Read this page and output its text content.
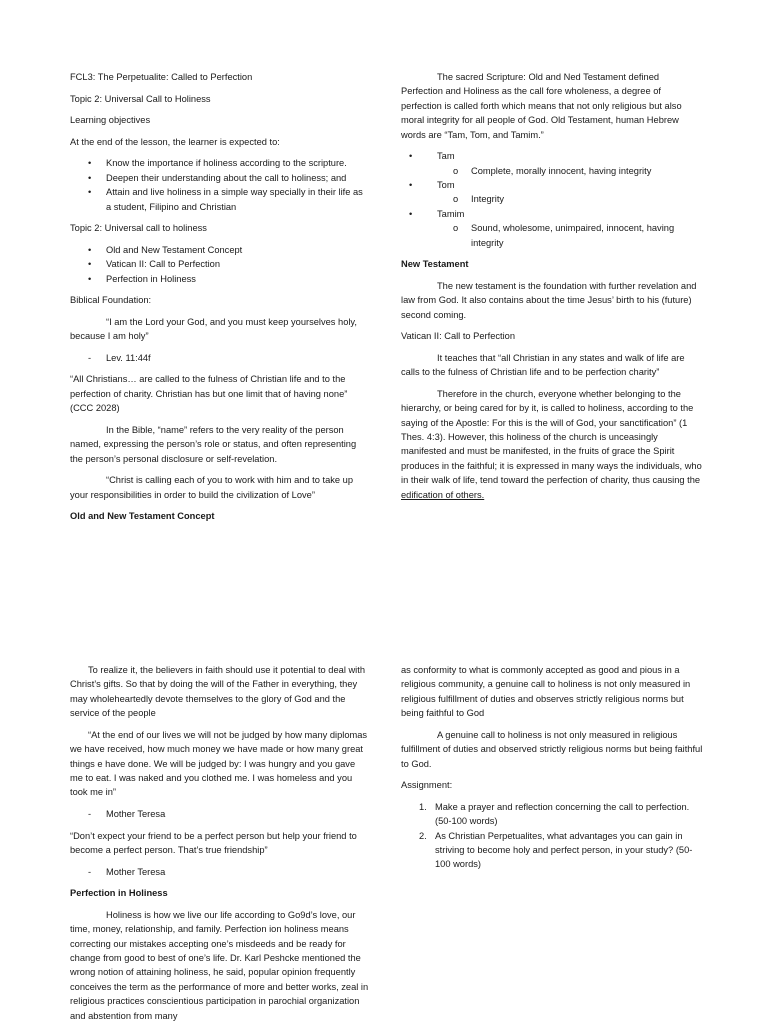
FCL3: The Perpetualite: Called to Perfection

Topic 2: Universal Call to Holiness

Learning objectives

At the end of the lesson, the learner is expected to:

• Know the importance if holiness according to the scripture.
• Deepen their understanding about the call to holiness; and
• Attain and live holiness in a simple way specially in their life as a student, Filipino and Christian

Topic 2: Universal call to holiness

• Old and New Testament Concept
• Vatican II: Call to Perfection
• Perfection in Holiness

Biblical Foundation:

“I am the Lord your God, and you must keep yourselves holy, because I am holy”

- Lev. 11:44f

“All Christians… are called to the fulness of Christian life and to the perfection of charity. Christian has but one limit that of having none” (CCC 2028)

In the Bible, “name” refers to the very reality of the person named, expressing the person’s role or status, and often representing the person’s personal disclosure or self-revelation.

“Christ is calling each of you to work with him and to take up your responsibilities in order to build the civilization of Love”

Old and New Testament Concept

The sacred Scripture: Old and Ned Testament defined Perfection and Holiness as the call fore wholeness, a degree of perfection is called forth which means that not only religious but also moral integrity for all people of God. Old Testament, human Hebrew words are “Tam, Tom, and Tamim.”

• Tam
o Complete, morally innocent, having integrity
• Tom
o Integrity
• Tamim
o Sound, wholesome, unimpaired, innocent, having integrity

New Testament

The new testament is the foundation with further revelation and law from God. It also contains about the time Jesus’ birth to his (future) second coming.

Vatican II: Call to Perfection

It teaches that “all Christian in any states and walk of life are calls to the fulness of Christian life and to be perfection charity”

Therefore in the church, everyone whether belonging to the hierarchy, or being cared for by it, is called to holiness, according to the saying of the Apostle: For this is the will of God, your sanctification” (1 Thes. 4:3). However, this holiness of the church is unceasingly manifested and must be manifested, in the fruits of grace the Spirit produces in the faithful; it is expressed in many ways the individuals, who in their walk of life, tend toward the perfection of charity, thus causing the edification of others.

To realize it, the believers in faith should use it potential to deal with Christ’s gifts. So that by doing the will of the Father in everything, they may wholeheartedly devote themselves to the glory of God and the service of the people

“At the end of our lives we will not be judged by how many diplomas we have received, how much money we have made or how many great things e have done. We will be judged by: I was hungry and you gave me to eat. I was naked and you clothed me. I was homeless and you took me in”

- Mother Teresa

“Don’t expect your friend to be a perfect person but help your friend to become a perfect person. That’s true friendship”

- Mother Teresa

Perfection in Holiness

Holiness is how we live our life according to Go9d’s love, our time, money, relationship, and family. Perfection ion holiness means correcting our mistakes accepting one’s misdeeds and be ready for change from good to best of one’s life. Dr. Karl Peshcke mentioned the wrong notion of attaining holiness, he said, popular opinion frequently conceives the term as the performance of more and better works, zeal in religious practices conscientious participation in parochial organization and abstention from many

as conformity to what is commonly accepted as good and pious in a religious community, a genuine call to holiness is not only measured in religious fulfillment of duties and observes strictly religious norms but being faithful to God

A genuine call to holiness is not only measured in religious fulfillment of duties and observed strictly religious norms but being faithful to God.

Assignment:

1. Make a prayer and reflection concerning the call to perfection. (50-100 words)
2. As Christian Perpetualites, what advantages you can gain in striving to become holy and perfect person, in your study? (50-100 words)
